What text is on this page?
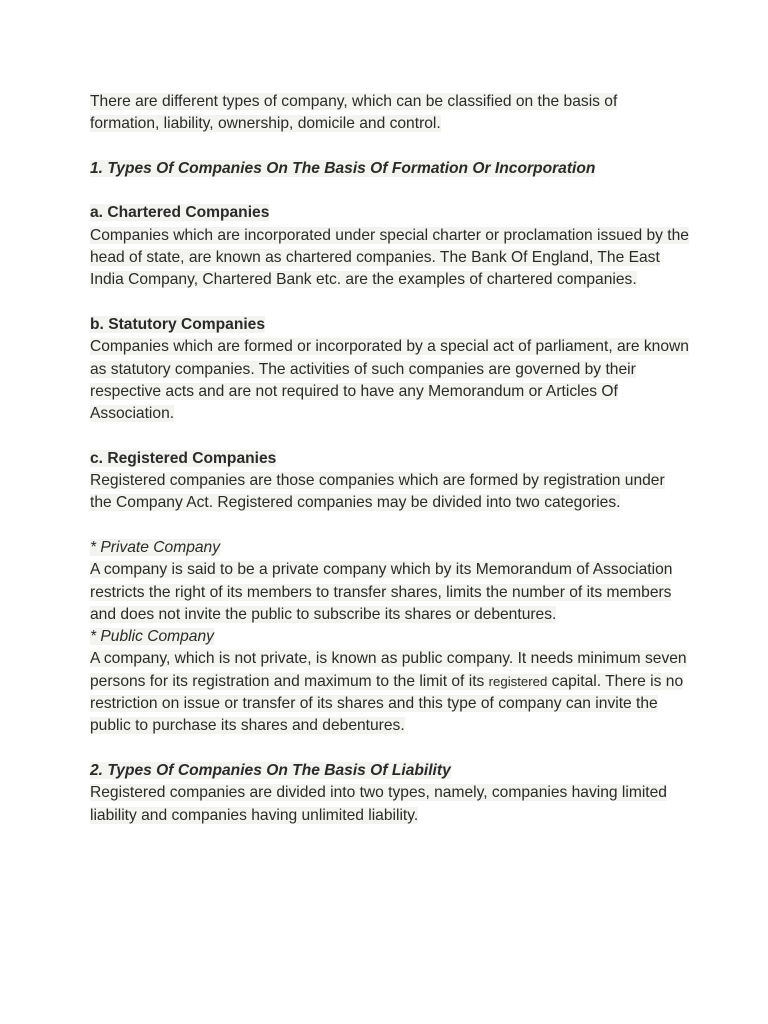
There are different types of company, which can be classified on the basis of formation, liability, ownership, domicile and control.

1. Types Of Companies On The Basis Of Formation Or Incorporation

a. Chartered Companies

Companies which are incorporated under special charter or proclamation issued by the head of state, are known as chartered companies. The Bank Of England, The East India Company, Chartered Bank etc. are the examples of chartered companies.

b. Statutory Companies

Companies which are formed or incorporated by a special act of parliament, are known as statutory companies. The activities of such companies are governed by their respective acts and are not required to have any Memorandum or Articles Of Association.

c. Registered Companies

Registered companies are those companies which are formed by registration under the Company Act. Registered companies may be divided into two categories.

* Private Company

A company is said to be a private company which by its Memorandum of Association restricts the right of its members to transfer shares, limits the number of its members and does not invite the public to subscribe its shares or debentures.

* Public Company

A company, which is not private, is known as public company. It needs minimum seven persons for its registration and maximum to the limit of its registered capital. There is no restriction on issue or transfer of its shares and this type of company can invite the public to purchase its shares and debentures.

2. Types Of Companies On The Basis Of Liability

Registered companies are divided into two types, namely, companies having limited liability and companies having unlimited liability.
